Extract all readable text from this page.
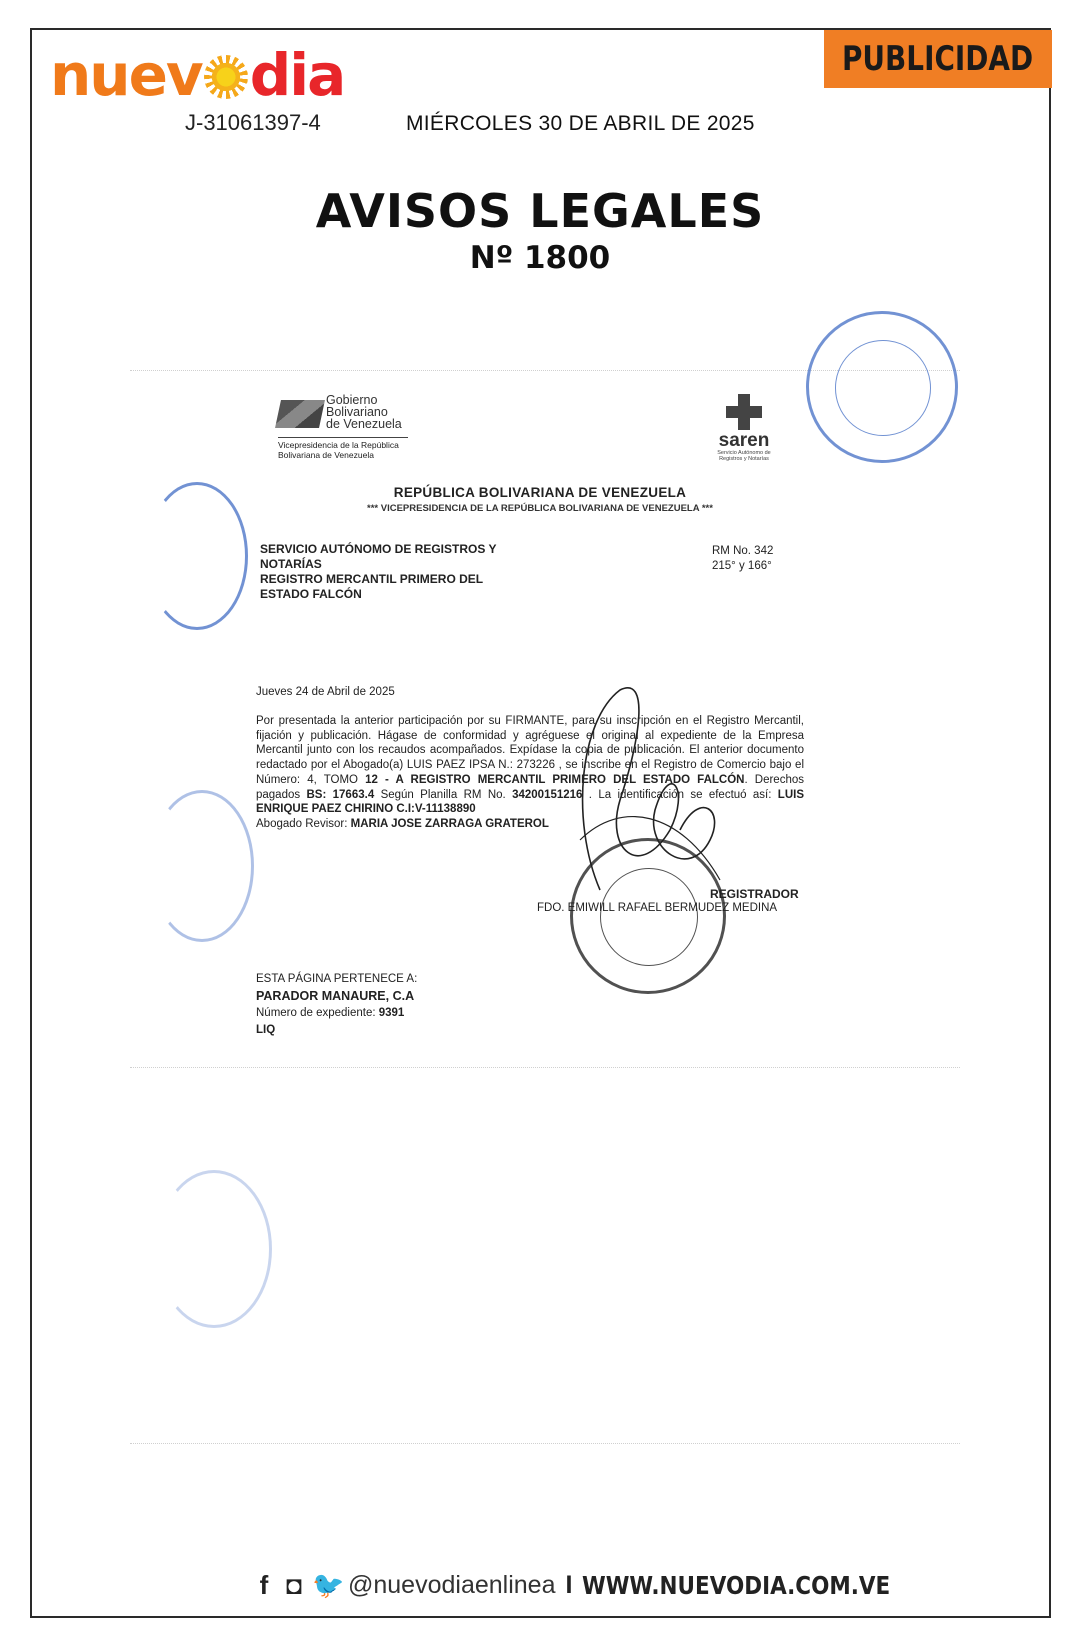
nuev dia
J-31061397-4	MIÉRCOLES 30 DE ABRIL DE 2025
PUBLICIDAD
AVISOS LEGALES
Nº 1800
Gobierno
Bolivariano
de Venezuela
Vicepresidencia de la República
Bolivariana de Venezuela
saren
Servicio Autónomo de
Registros y Notarías
REPÚBLICA BOLIVARIANA DE VENEZUELA
*** VICEPRESIDENCIA DE LA REPÚBLICA BOLIVARIANA DE VENEZUELA ***
SERVICIO AUTÓNOMO DE REGISTROS Y
NOTARÍAS
REGISTRO MERCANTIL PRIMERO DEL
ESTADO FALCÓN
RM No. 342
215° y 166°
Jueves 24 de Abril de 2025
Por presentada la anterior participación por su FIRMANTE, para su inscripción en el Registro Mercantil, fijación y publicación. Hágase de conformidad y agréguese el original al expediente de la Empresa Mercantil junto con los recaudos acompañados. Expídase la copia de publicación. El anterior documento redactado por el Abogado(a) LUIS PAEZ IPSA N.: 273226 , se inscribe en el Registro de Comercio bajo el Número: 4, TOMO 12 - A REGISTRO MERCANTIL PRIMERO DEL ESTADO FALCÓN. Derechos pagados BS: 17663.4 Según Planilla RM No. 34200151216 . La identificación se efectuó así: LUIS ENRIQUE PAEZ CHIRINO C.I:V-11138890
Abogado Revisor: MARIA JOSE ZARRAGA GRATEROL
REGISTRADOR
FDO. EMIWILL RAFAEL BERMUDEZ MEDINA
ESTA PÁGINA PERTENECE A:
PARADOR MANAURE, C.A
Número de expediente: 9391
LIQ
f ◘ 🐦 @nuevodiaenlinea I WWW.NUEVODIA.COM.VE
